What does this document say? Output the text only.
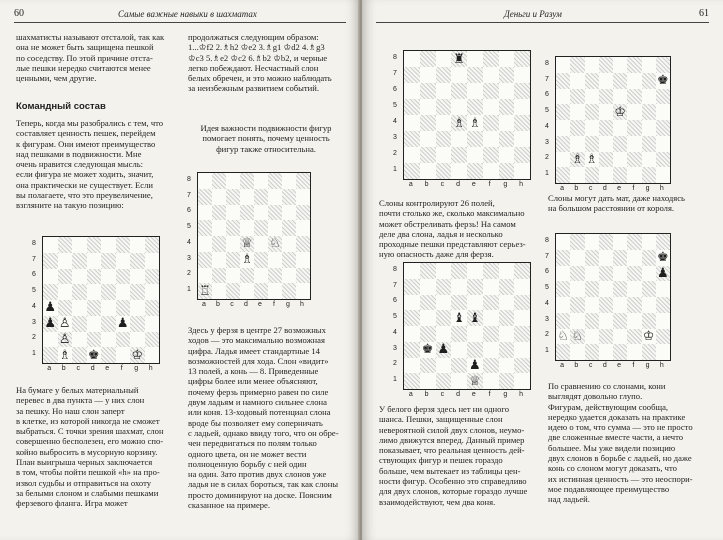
60	Самые важные навыки в шахматах
шахматисты называют отсталой, так как
она не может быть защищена пешкой
по соседству. По этой причине отста-
лые пешки нередко считаются менее
ценными, чем другие.
Командный состав
Теперь, когда мы разобрались с тем, что
составляет ценность пешек, перейдем
к фигурам. Они имеют преимущество
над пешками в подвижности. Мне
очень нравится следующая мысль:
если фигура не может ходить, значит,
она практически не существует. Если
вы полагаете, что это преувеличение,
взгляните на такую позицию:
♟
♟ ♙	♟
♙
♗ ♚ ♔
8
7
6
5
4
3
2
1
a	b	c	d	e	f	g	h
На бумаге у белых материальный
перевес в два пункта — у них слон
за пешку. Но наш слон заперт
в клетке, из которой никогда не сможет
выбраться. С точки зрения шахмат, слон
совершенно бесполезен, его можно спо-
койно выбросить в мусорную корзину.
План выигрыша черных заключается
в том, чтобы пойти пешкой «h» на про-
извол судьбы и отправиться на охоту
за белыми слоном и слабыми пешками
ферзевого фланга. Игра может
продолжаться следующим образом:
1...♔f2 2.♗h2 ♔e2 3.♗g1 ♔d2 4.♗g3
♔c3 5.♗e2 ♔c2 6.♗b2 ♔b2, и черные
легко побеждают. Несчастный слон
белых обречен, и это можно наблюдать
за неизбежным развитием событий.
Идея важности подвижности фигур
помогает понять, почему ценность
фигур также относительна.
♕ ♘
♗
♖
8
7
6
5
4
3
2
1
a	b	c	d	e	f	g	h
Здесь у ферзя в центре 27 возможных
ходов — это максимально возможная
цифра. Ладья имеет стандартные 14
возможностей для хода. Слон «видит»
13 полей, а конь — 8. Приведенные
цифры более или менее объясняют,
почему ферзь примерно равен по силе
двум ладьям и намного сильнее слона
или коня. 13-ходовый потенциал слона
вроде бы позволяет ему соперничать
с ладьей, однако ввиду того, что он обре-
чен передвигаться по полям только
одного цвета, он не может вести
полноценную борьбу с ней один
на один. Зато против двух слонов уже
ладья не в силах бороться, так как слоны
просто доминируют на доске. Поясним
сказанное на примере.
Деньги и Разум	61
♜
♗ ♗
8
7
6
5
4
3
2
1
a	b	c	d	e	f	g	h
Слоны контролируют 26 полей,
почти столько же, сколько максимально
может обстреливать ферзь! На самом
деле два слона, ладья и несколько
проходные пешки представляют серьез-
ную опасность даже для ферзя.
♝ ♝
♚ ♟
♟
♕
8
7
6
5
4
3
2
1
a	b	c	d	e	f	g	h
У белого ферзя здесь нет ни одного
шанса. Пешки, защищенные слон
невероятной силой двух слонов, неумо-
лимо движутся вперед. Данный пример
показывает, что реальная ценность дей-
ствующих фигур и пешек гораздо
больше, чем вытекает из таблицы цен-
ности фигур. Особенно это справедливо
для двух слонов, которые гораздо лучше
взаимодействуют, чем два коня.
♚
♔
♗ ♗
8
7
6
5
4
3
2
1
a	b	c	d	e	f	g	h
Слоны могут дать мат, даже находясь
на большом расстоянии от короля.
♚
♟
♘ ♘	♔
8
7
6
5
4
3
2
1
a	b	c	d	e	f	g	h
По сравнению со слонами, кони
выглядят довольно глупо.
Фигурам, действующим сообща,
нередко удается доказать на практике
идею о том, что сумма — это не просто
две сложенные вместе части, а нечто
большее. Мы уже видели позицию
двух слонов в борьбе с ладьей, но даже
конь со слоном могут доказать, что
их истинная ценность — это неоспори-
мое подавляющее преимущество
над ладьей.
